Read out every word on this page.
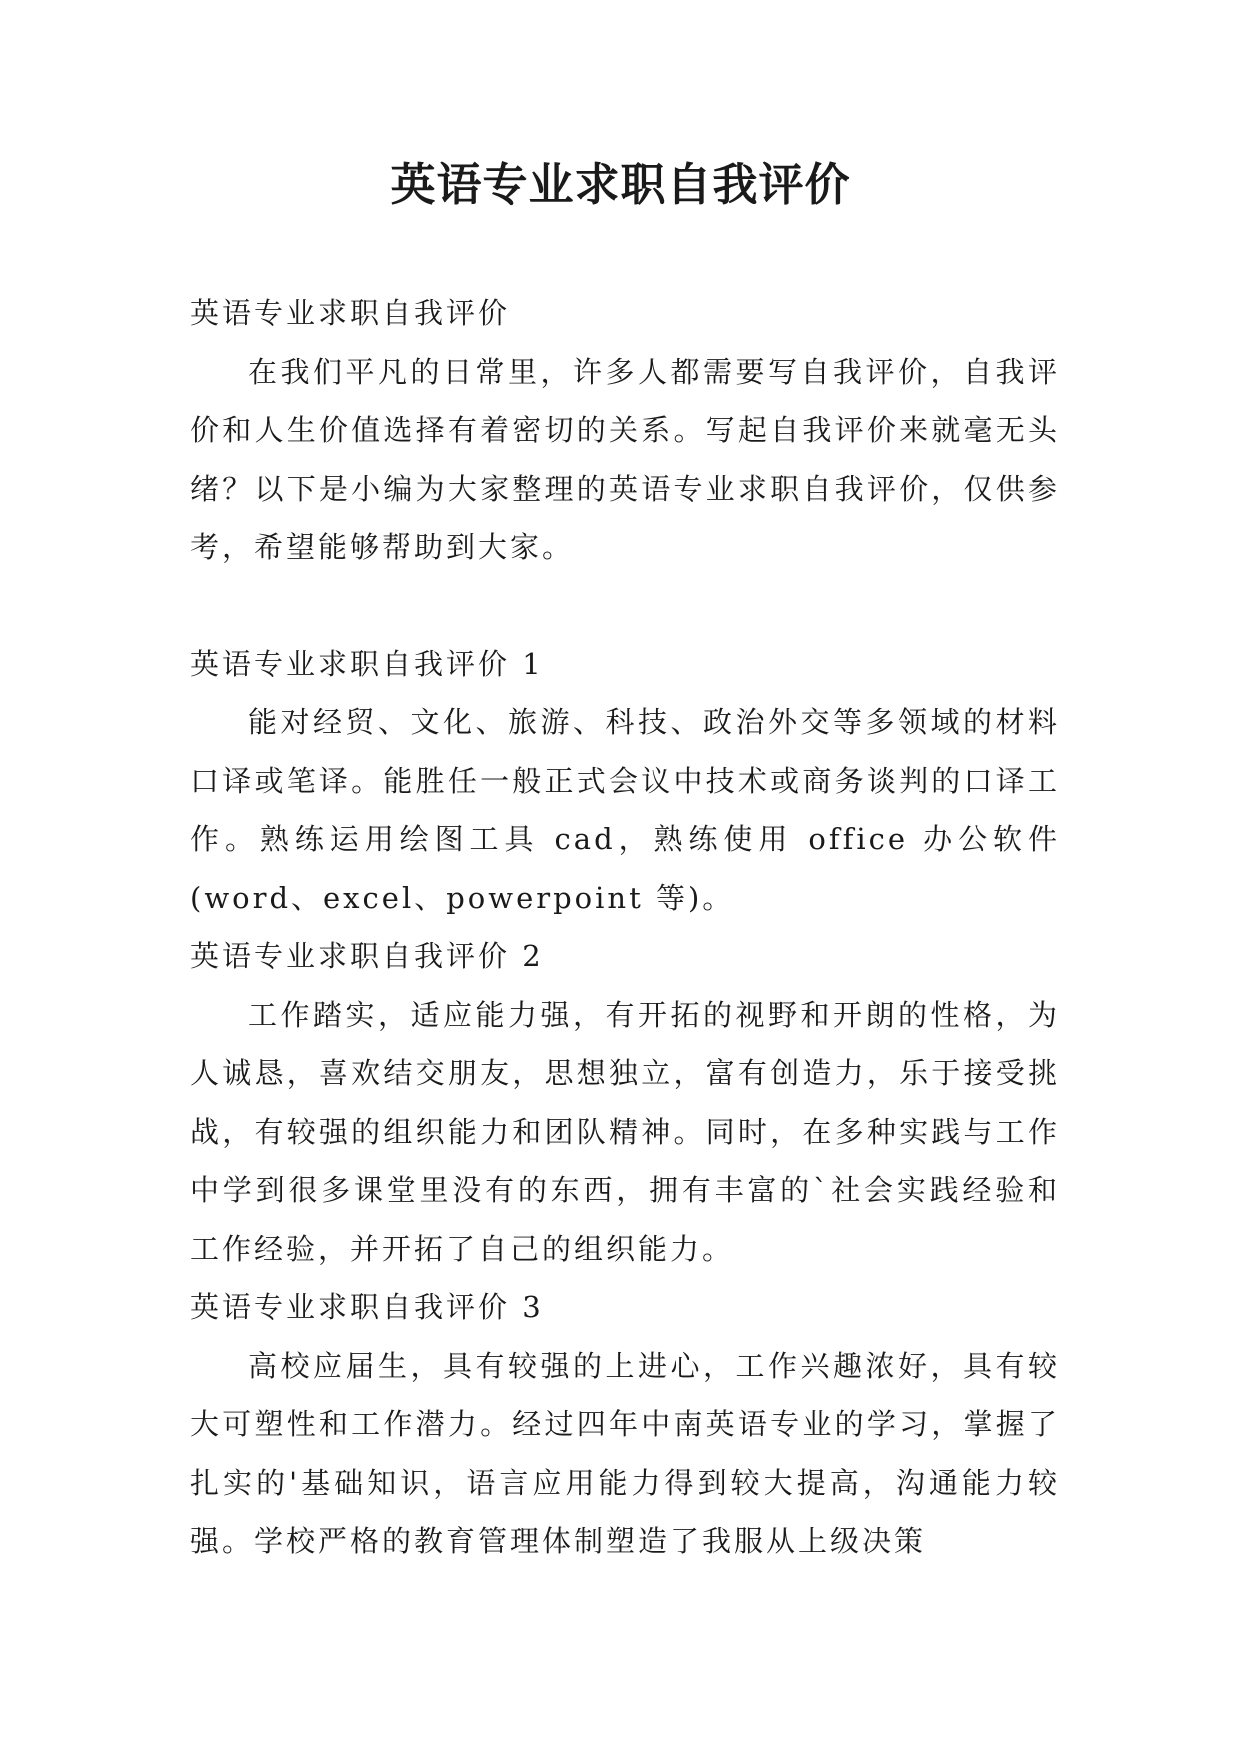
英语专业求职自我评价

英语专业求职自我评价

在我们平凡的日常里，许多人都需要写自我评价，自我评价和人生价值选择有着密切的关系。写起自我评价来就毫无头绪？以下是小编为大家整理的英语专业求职自我评价，仅供参考，希望能够帮助到大家。

英语专业求职自我评价 1

能对经贸、文化、旅游、科技、政治外交等多领域的材料口译或笔译。能胜任一般正式会议中技术或商务谈判的口译工作。熟练运用绘图工具 cad，熟练使用 office 办公软件(word、excel、powerpoint 等)。

英语专业求职自我评价 2

工作踏实，适应能力强，有开拓的视野和开朗的性格，为人诚恳，喜欢结交朋友，思想独立，富有创造力，乐于接受挑战，有较强的组织能力和团队精神。同时，在多种实践与工作中学到很多课堂里没有的东西，拥有丰富的`社会实践经验和工作经验，并开拓了自己的组织能力。

英语专业求职自我评价 3

高校应届生，具有较强的上进心，工作兴趣浓好，具有较大可塑性和工作潜力。经过四年中南英语专业的学习，掌握了扎实的'基础知识，语言应用能力得到较大提高，沟通能力较强。学校严格的教育管理体制塑造了我服从上级决策
